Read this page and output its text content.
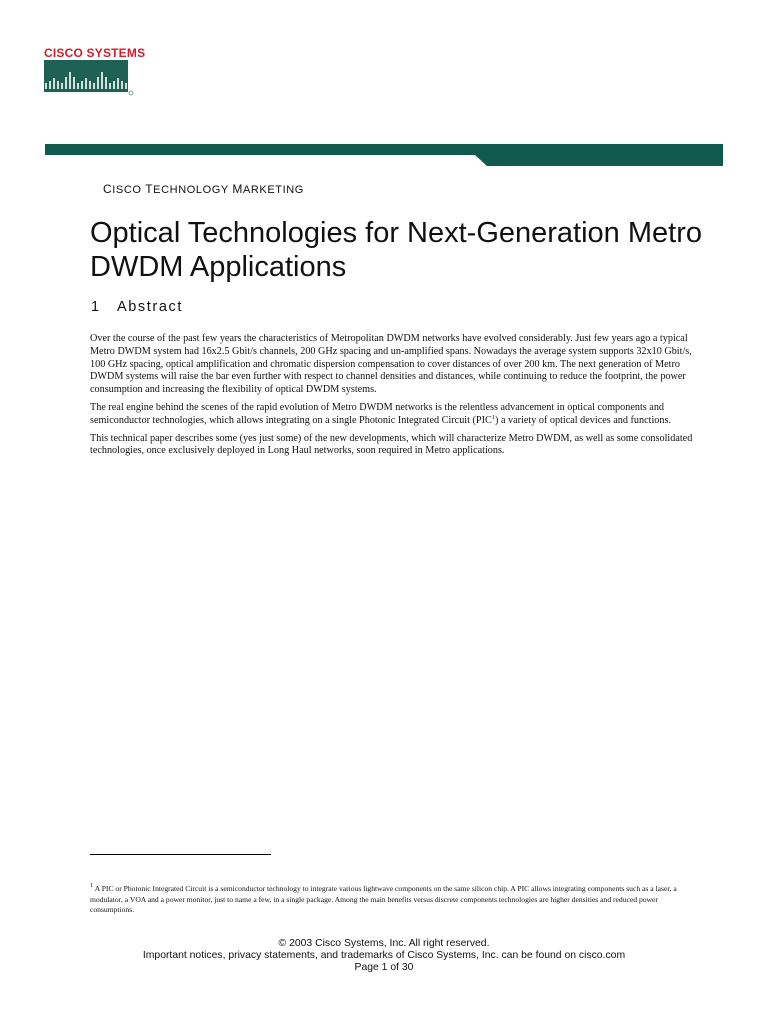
CISCO SYSTEMS
CISCO TECHNOLOGY MARKETING
Optical Technologies for Next-Generation Metro DWDM Applications
1 Abstract

Over the course of the past few years the characteristics of Metropolitan DWDM networks have evolved considerably. Just few years ago a typical Metro DWDM system had 16x2.5 Gbit/s channels, 200 GHz spacing and un-amplified spans. Nowadays the average system supports 32x10 Gbit/s, 100 GHz spacing, optical amplification and chromatic dispersion compensation to cover distances of over 200 km. The next generation of Metro DWDM systems will raise the bar even further with respect to channel densities and distances, while continuing to reduce the footprint, the power consumption and increasing the flexibility of optical DWDM systems.

The real engine behind the scenes of the rapid evolution of Metro DWDM networks is the relentless advancement in optical components and semiconductor technologies, which allows integrating on a single Photonic Integrated Circuit (PIC$^1$) a variety of optical devices and functions.

This technical paper describes some (yes just some) of the new developments, which will characterize Metro DWDM, as well as some consolidated technologies, once exclusively deployed in Long Haul networks, soon required in Metro applications.

$^1$ A PIC or Photonic Integrated Circuit is a semiconductor technology to integrate various lightwave components on the same silicon chip. A PIC allows integrating components such as a laser, a modulator, a VOA and a power monitor, just to name a few, in a single package. Among the main benefits versus discrete components technologies are higher densities and reduced power consumptions.
© 2003 Cisco Systems, Inc. All right reserved.
Important notices, privacy statements, and trademarks of Cisco Systems, Inc. can be found on cisco.com
Page 1 of 30
